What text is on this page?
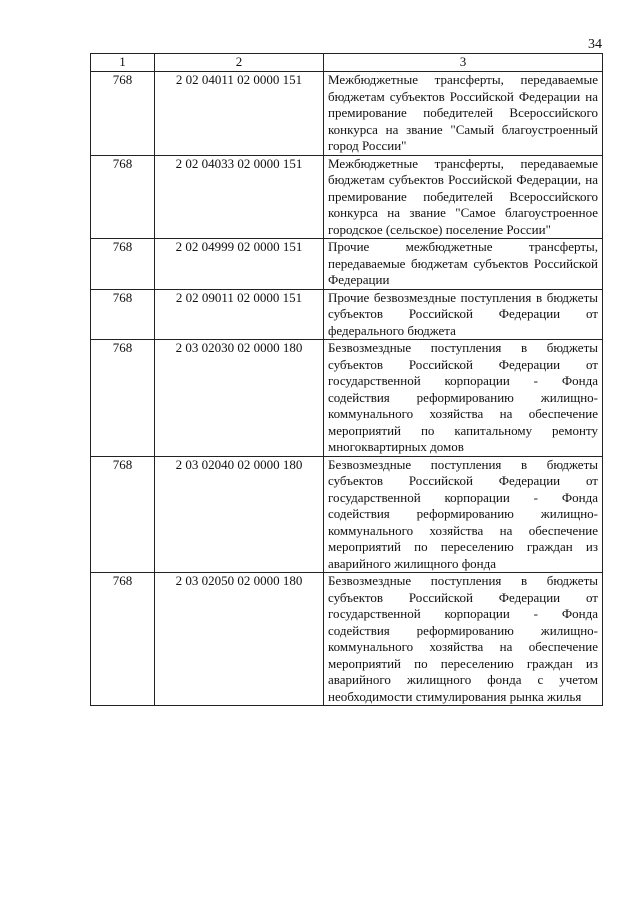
34
1	2	3
768	2 02 04011 02 0000 151	Межбюджетные трансферты, передаваемые бюджетам субъектов Российской Федерации на премирование победителей Всероссийского конкурса на звание "Самый благоустроенный город России"
768	2 02 04033 02 0000 151	Межбюджетные трансферты, передаваемые бюджетам субъектов Российской Федерации, на премирование победителей Всероссийского конкурса на звание "Самое благоустроенное городское (сельское) поселение России"
768	2 02 04999 02 0000 151	Прочие межбюджетные трансферты, передаваемые бюджетам субъектов Российской Федерации
768	2 02 09011 02 0000 151	Прочие безвозмездные поступления в бюджеты субъектов Российской Федерации от федерального бюджета
768	2 03 02030 02 0000 180	Безвозмездные поступления в бюджеты субъектов Российской Федерации от государственной корпорации - Фонда содействия реформированию жилищно-коммунального хозяйства на обеспечение мероприятий по капитальному ремонту многоквартирных домов
768	2 03 02040 02 0000 180	Безвозмездные поступления в бюджеты субъектов Российской Федерации от государственной корпорации - Фонда содействия реформированию жилищно-коммунального хозяйства на обеспечение мероприятий по переселению граждан из аварийного жилищного фонда
768	2 03 02050 02 0000 180	Безвозмездные поступления в бюджеты субъектов Российской Федерации от государственной корпорации - Фонда содействия реформированию жилищно-коммунального хозяйства на обеспечение мероприятий по переселению граждан из аварийного жилищного фонда с учетом необходимости стимулирования рынка жилья
